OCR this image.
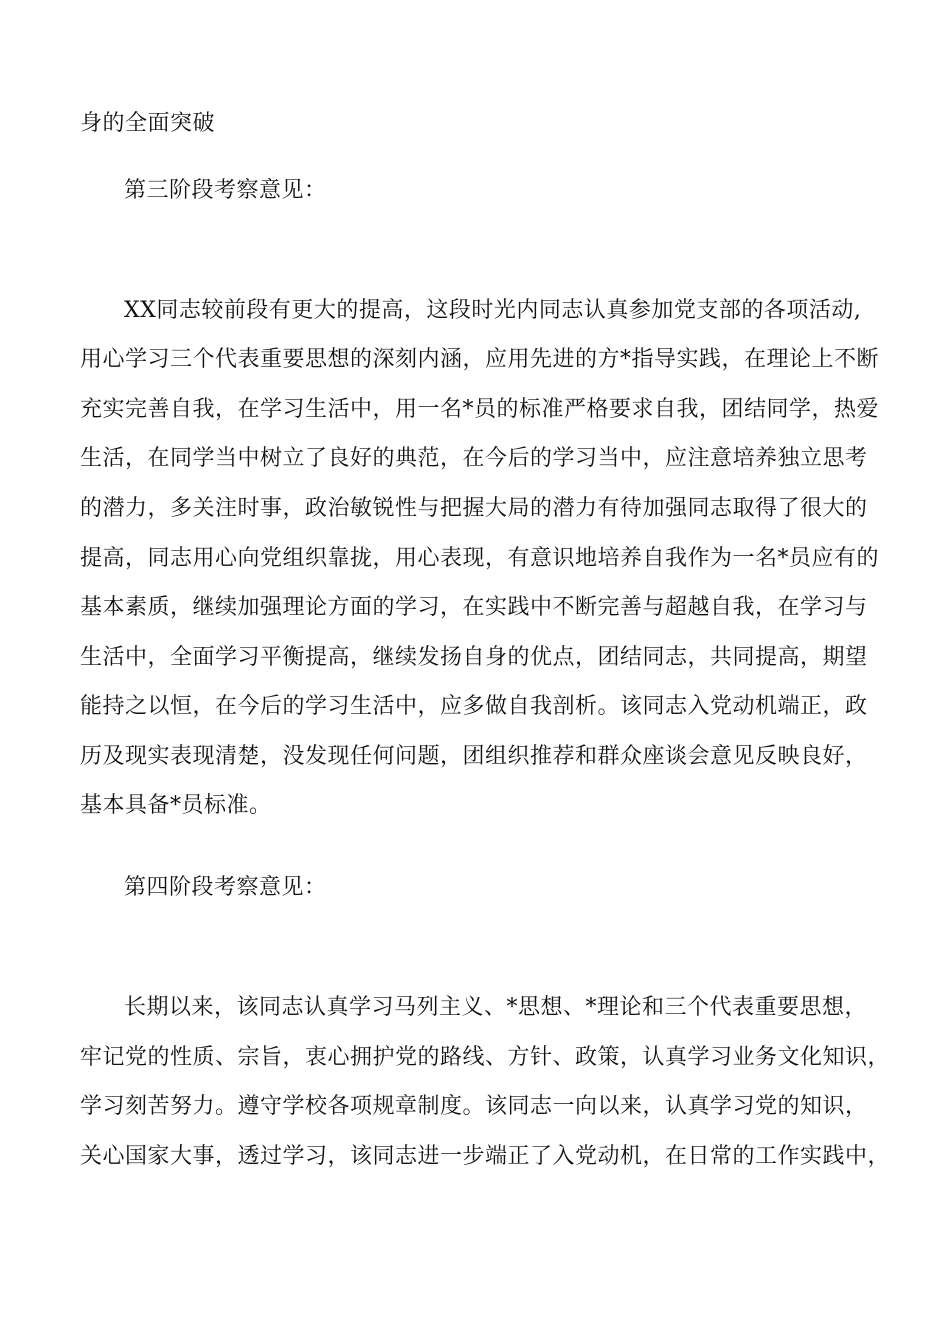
身的全面突破
第三阶段考察意见：
XX同志较前段有更大的提高，这段时光内同志认真参加党支部的各项活动,
用心学习三个代表重要思想的深刻内涵，应用先进的方*指导实践，在理论上不断
充实完善自我，在学习生活中，用一名*员的标准严格要求自我，团结同学，热爱
生活，在同学当中树立了良好的典范，在今后的学习当中，应注意培养独立思考
的潜力，多关注时事，政治敏锐性与把握大局的潜力有待加强同志取得了很大的
提高，同志用心向党组织靠拢，用心表现，有意识地培养自我作为一名*员应有的
基本素质，继续加强理论方面的学习，在实践中不断完善与超越自我，在学习与
生活中，全面学习平衡提高，继续发扬自身的优点，团结同志，共同提高，期望
能持之以恒，在今后的学习生活中，应多做自我剖析。该同志入党动机端正，政
历及现实表现清楚，没发现任何问题，团组织推荐和群众座谈会意见反映良好，
基本具备*员标准。
第四阶段考察意见：
长期以来，该同志认真学习马列主义、*思想、*理论和三个代表重要思想，
牢记党的性质、宗旨，衷心拥护党的路线、方针、政策，认真学习业务文化知识，
学习刻苦努力。遵守学校各项规章制度。该同志一向以来，认真学习党的知识，
关心国家大事，透过学习，该同志进一步端正了入党动机，在日常的工作实践中，
